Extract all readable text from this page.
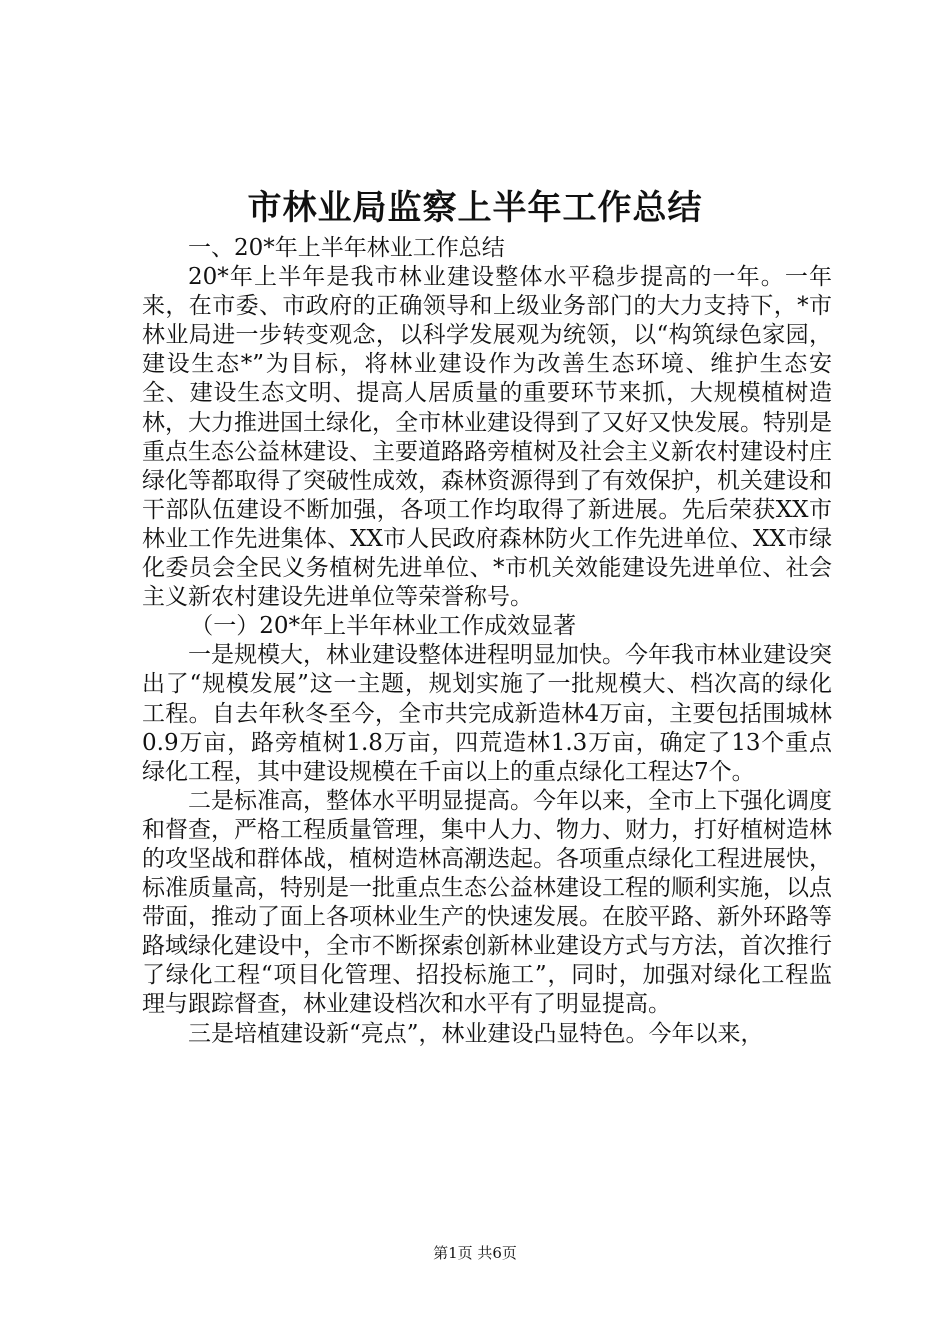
市林业局监察上半年工作总结

一、20*年上半年林业工作总结

20*年上半年是我市林业建设整体水平稳步提高的一年。一年来，在市委、市政府的正确领导和上级业务部门的大力支持下，*市林业局进一步转变观念，以科学发展观为统领，以“构筑绿色家园，建设生态*”为目标，将林业建设作为改善生态环境、维护生态安全、建设生态文明、提高人居质量的重要环节来抓，大规模植树造林，大力推进国土绿化，全市林业建设得到了又好又快发展。特别是重点生态公益林建设、主要道路路旁植树及社会主义新农村建设村庄绿化等都取得了突破性成效，森林资源得到了有效保护，机关建设和干部队伍建设不断加强，各项工作均取得了新进展。先后荣获XX市林业工作先进集体、XX市人民政府森林防火工作先进单位、XX市绿化委员会全民义务植树先进单位、*市机关效能建设先进单位、社会主义新农村建设先进单位等荣誉称号。

（一）20*年上半年林业工作成效显著

一是规模大，林业建设整体进程明显加快。今年我市林业建设突出了“规模发展”这一主题，规划实施了一批规模大、档次高的绿化工程。自去年秋冬至今，全市共完成新造林4万亩，主要包括围城林0.9万亩，路旁植树1.8万亩，四荒造林1.3万亩，确定了13个重点绿化工程，其中建设规模在千亩以上的重点绿化工程达7个。

二是标准高，整体水平明显提高。今年以来，全市上下强化调度和督查，严格工程质量管理，集中人力、物力、财力，打好植树造林的攻坚战和群体战，植树造林高潮迭起。各项重点绿化工程进展快，标准质量高，特别是一批重点生态公益林建设工程的顺利实施，以点带面，推动了面上各项林业生产的快速发展。在胶平路、新外环路等路域绿化建设中，全市不断探索创新林业建设方式与方法，首次推行了绿化工程“项目化管理、招投标施工”，同时，加强对绿化工程监理与跟踪督查，林业建设档次和水平有了明显提高。

三是培植建设新“亮点”，林业建设凸显特色。今年以来，

第1页 共6页
